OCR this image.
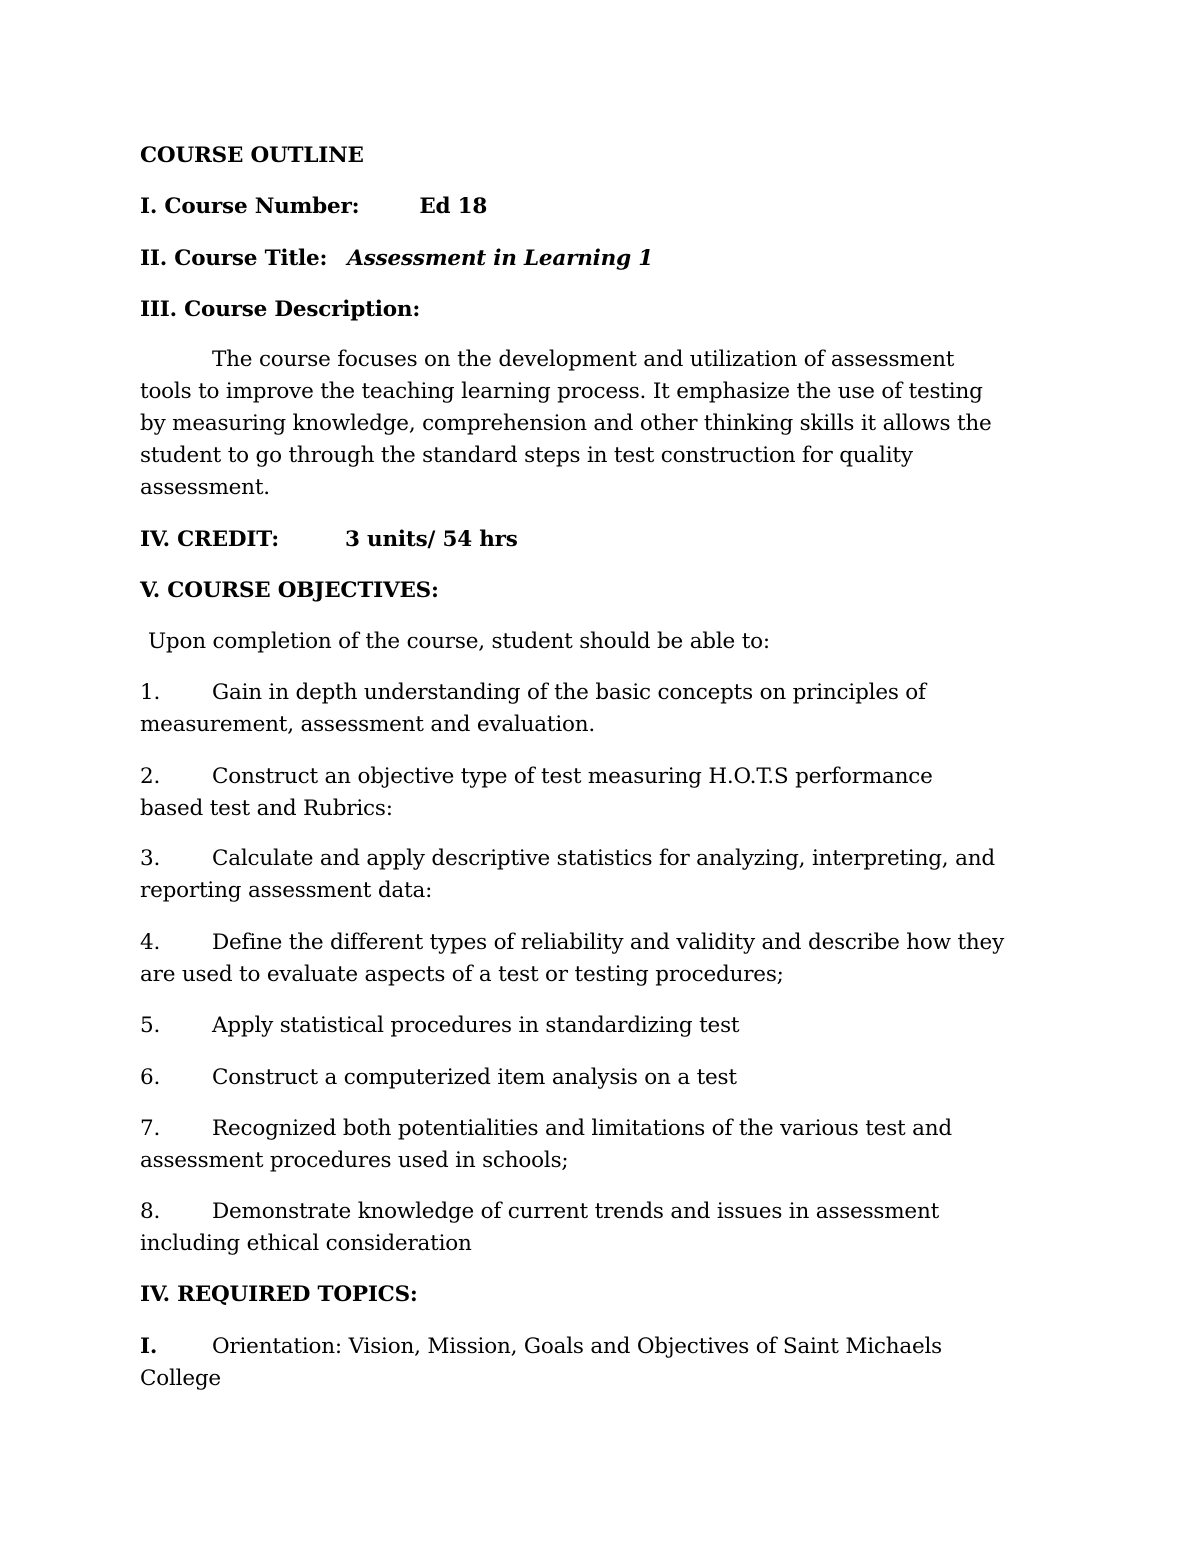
COURSE OUTLINE
I. Course Number:	Ed 18
II. Course Title: Assessment in Learning 1
III. Course Description:
The course focuses on the development and utilization of assessment
tools to improve the teaching learning process. It emphasize the use of testing
by measuring knowledge, comprehension and other thinking skills it allows the
student to go through the standard steps in test construction for quality
assessment.
IV. CREDIT:	3 units/ 54 hrs
V. COURSE OBJECTIVES:
Upon completion of the course, student should be able to:
1. Gain in depth understanding of the basic concepts on principles of
measurement, assessment and evaluation.
2. Construct an objective type of test measuring H.O.T.S performance
based test and Rubrics:
3. Calculate and apply descriptive statistics for analyzing, interpreting, and
reporting assessment data:
4. Define the different types of reliability and validity and describe how they
are used to evaluate aspects of a test or testing procedures;
5. Apply statistical procedures in standardizing test
6. Construct a computerized item analysis on a test
7. Recognized both potentialities and limitations of the various test and
assessment procedures used in schools;
8. Demonstrate knowledge of current trends and issues in assessment
including ethical consideration
IV. REQUIRED TOPICS:
I.	Orientation: Vision, Mission, Goals and Objectives of Saint Michaels
College
